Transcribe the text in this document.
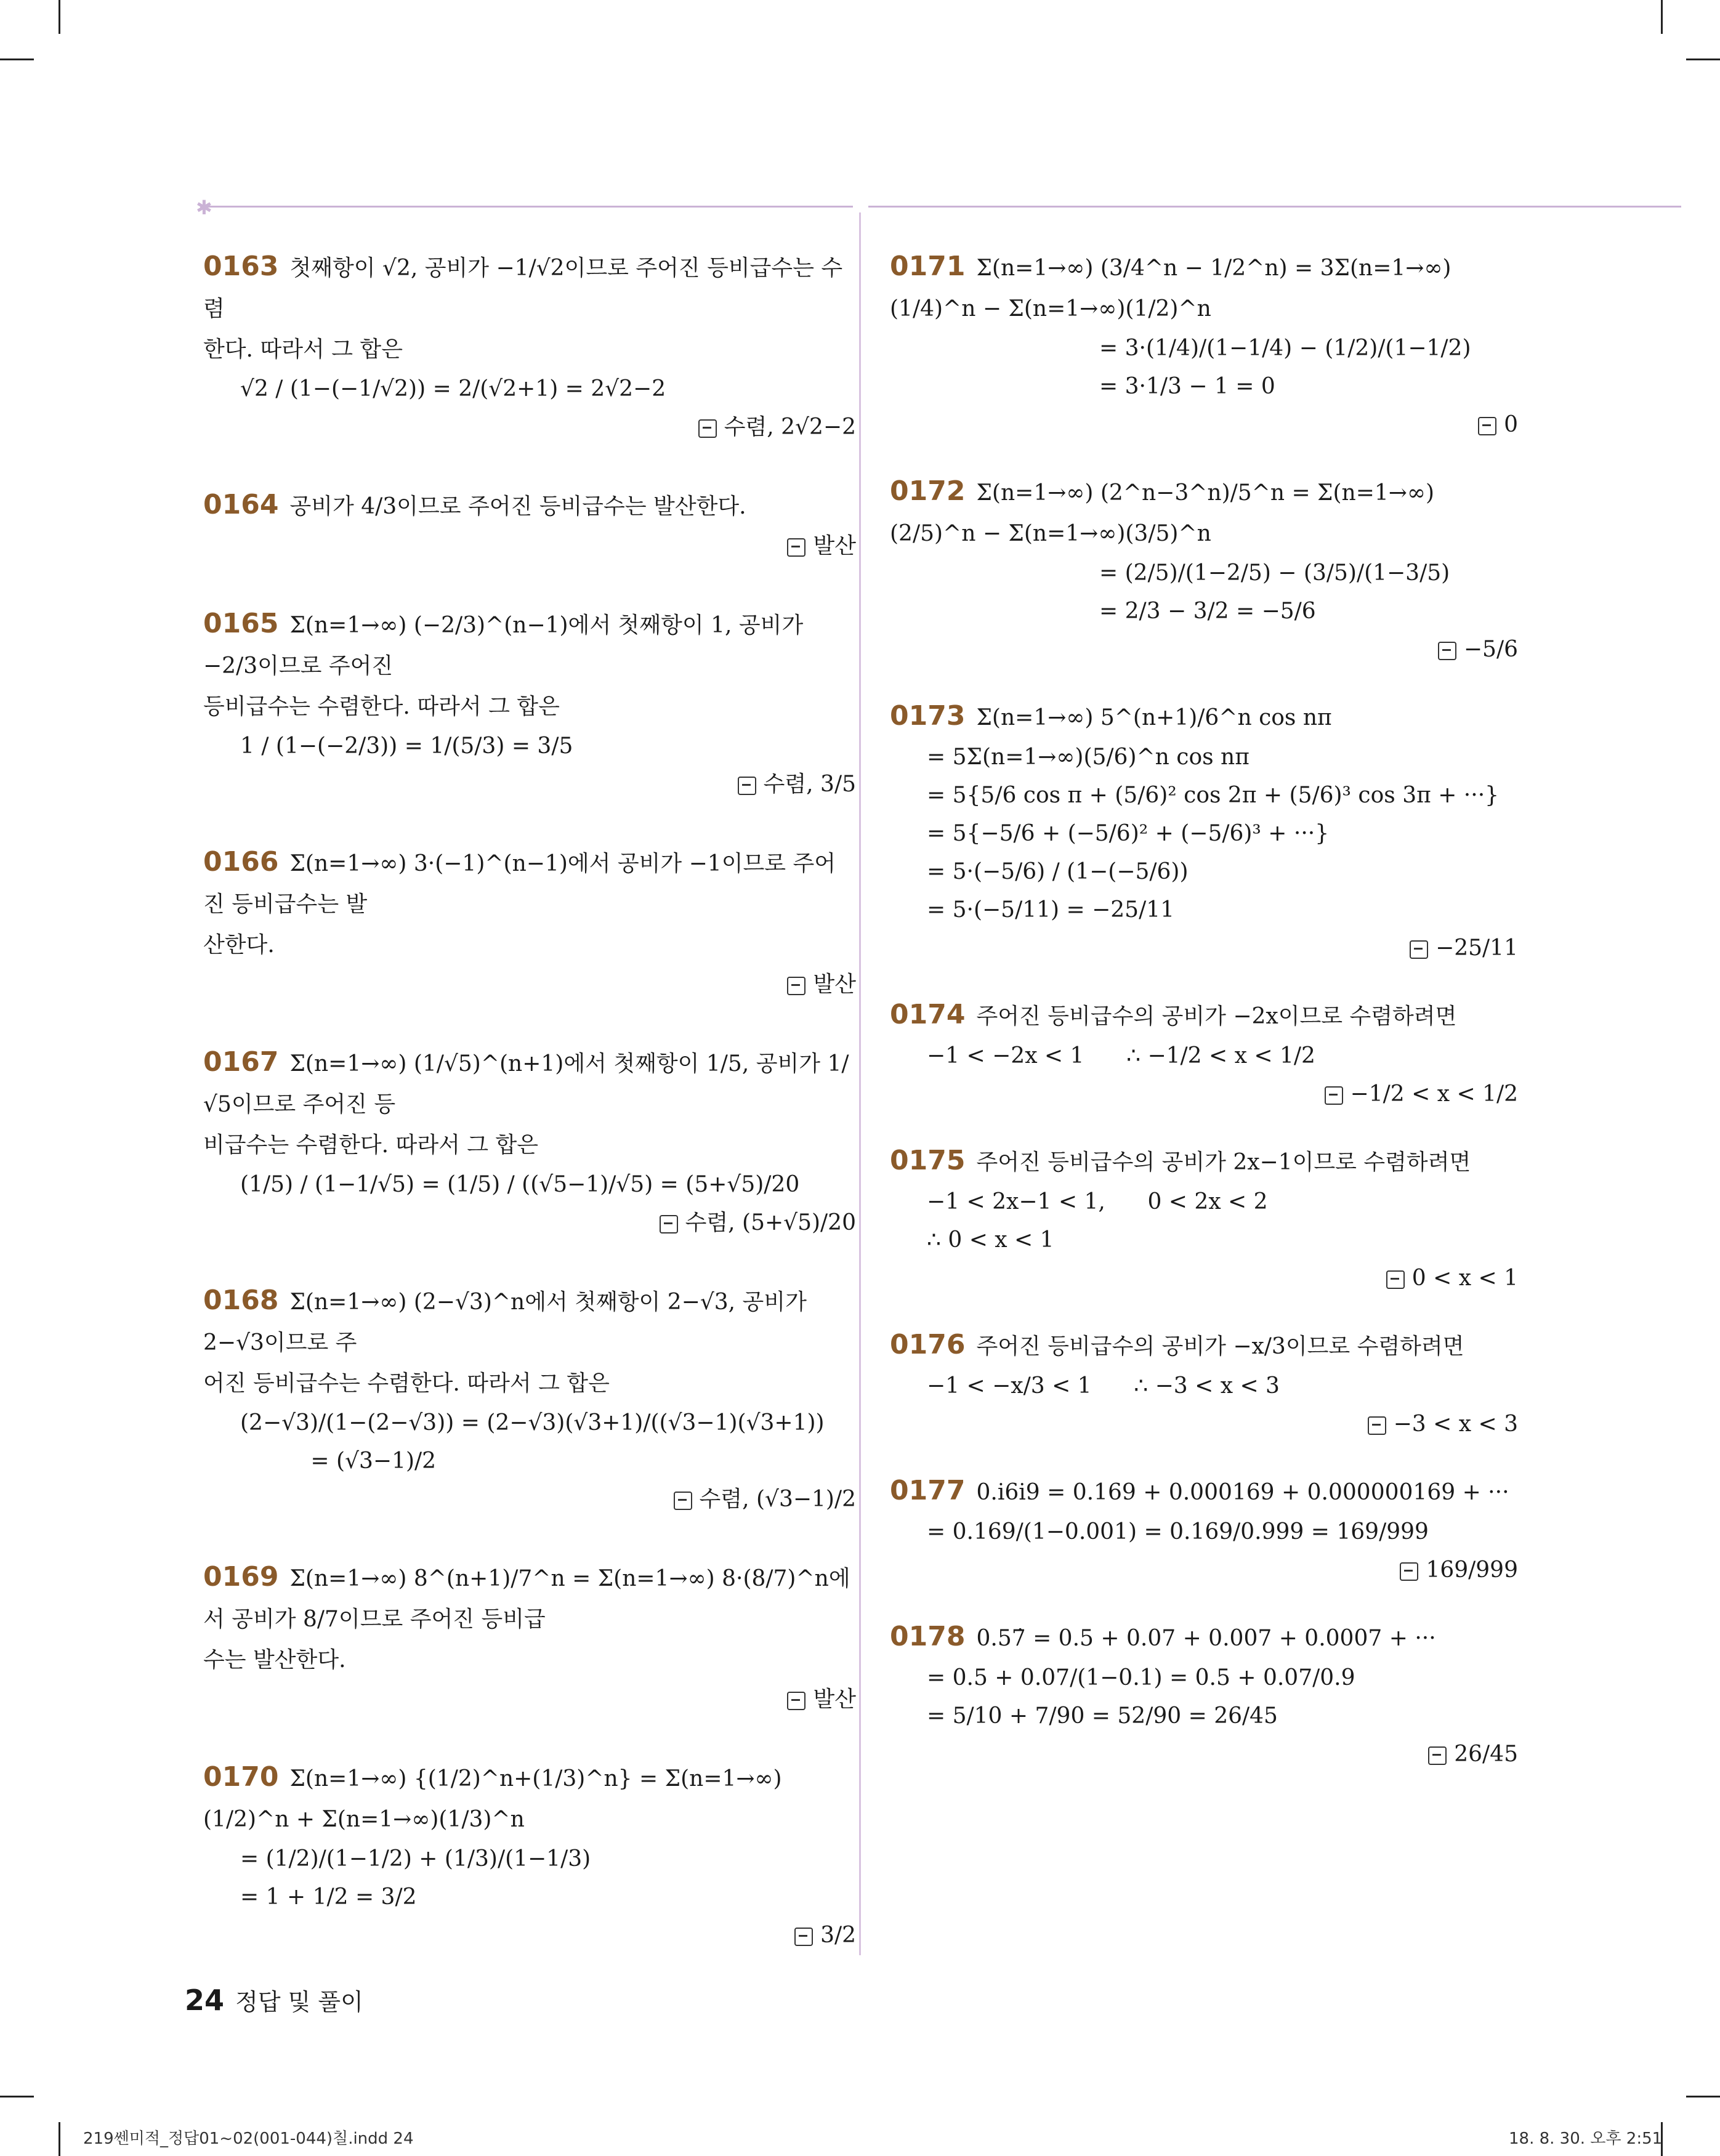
✱
0163 첫째항이 √2, 공비가 −1/√2이므로 주어진 등비급수는 수렴
한다. 따라서 그 합은
√2 / (1−(−1/√2)) = 2/(√2+1) = 2√2−2
수렴, 2√2−2
0164 공비가 4/3이므로 주어진 등비급수는 발산한다.
발산
0165 Σ(n=1→∞) (−2/3)^(n−1)에서 첫째항이 1, 공비가 −2/3이므로 주어진
등비급수는 수렴한다. 따라서 그 합은
1 / (1−(−2/3)) = 1/(5/3) = 3/5
수렴, 3/5
0166 Σ(n=1→∞) 3·(−1)^(n−1)에서 공비가 −1이므로 주어진 등비급수는 발
산한다.
발산
0167 Σ(n=1→∞) (1/√5)^(n+1)에서 첫째항이 1/5, 공비가 1/√5이므로 주어진 등
비급수는 수렴한다. 따라서 그 합은
(1/5) / (1−1/√5) = (1/5) / ((√5−1)/√5) = (5+√5)/20
수렴, (5+√5)/20
0168 Σ(n=1→∞) (2−√3)^n에서 첫째항이 2−√3, 공비가 2−√3이므로 주
어진 등비급수는 수렴한다. 따라서 그 합은
(2−√3)/(1−(2−√3)) = (2−√3)(√3+1)/((√3−1)(√3+1))
= (√3−1)/2
수렴, (√3−1)/2
0169 Σ(n=1→∞) 8^(n+1)/7^n = Σ(n=1→∞) 8·(8/7)^n에서 공비가 8/7이므로 주어진 등비급
수는 발산한다.
발산
0170 Σ(n=1→∞) {(1/2)^n+(1/3)^n} = Σ(n=1→∞)(1/2)^n + Σ(n=1→∞)(1/3)^n
= (1/2)/(1−1/2) + (1/3)/(1−1/3)
= 1 + 1/2 = 3/2
3/2
0171 Σ(n=1→∞) (3/4^n − 1/2^n) = 3Σ(n=1→∞)(1/4)^n − Σ(n=1→∞)(1/2)^n
= 3·(1/4)/(1−1/4) − (1/2)/(1−1/2)
= 3·1/3 − 1 = 0
0
0172 Σ(n=1→∞) (2^n−3^n)/5^n = Σ(n=1→∞)(2/5)^n − Σ(n=1→∞)(3/5)^n
= (2/5)/(1−2/5) − (3/5)/(1−3/5)
= 2/3 − 3/2 = −5/6
−5/6
0173 Σ(n=1→∞) 5^(n+1)/6^n cos nπ
= 5Σ(n=1→∞)(5/6)^n cos nπ
= 5{5/6 cos π + (5/6)² cos 2π + (5/6)³ cos 3π + ···}
= 5{−5/6 + (−5/6)² + (−5/6)³ + ···}
= 5·(−5/6) / (1−(−5/6))
= 5·(−5/11) = −25/11
−25/11
0174 주어진 등비급수의 공비가 −2x이므로 수렴하려면
−1 < −2x < 1      ∴ −1/2 < x < 1/2
−1/2 < x < 1/2
0175 주어진 등비급수의 공비가 2x−1이므로 수렴하려면
−1 < 2x−1 < 1,      0 < 2x < 2
∴ 0 < x < 1
0 < x < 1
0176 주어진 등비급수의 공비가 −x/3이므로 수렴하려면
−1 < −x/3 < 1      ∴ −3 < x < 3
−3 < x < 3
0177 0.i6i9 = 0.169 + 0.000169 + 0.000000169 + ···
= 0.169/(1−0.001) = 0.169/0.999 = 169/999
169/999
0178 0.57̇ = 0.5 + 0.07 + 0.007 + 0.0007 + ···
= 0.5 + 0.07/(1−0.1) = 0.5 + 0.07/0.9
= 5/10 + 7/90 = 52/90 = 26/45
26/45
24 정답 및 풀이
219쎈미적_정답01~02(001-044)칠.indd 24	18. 8. 30. 오후 2:51
